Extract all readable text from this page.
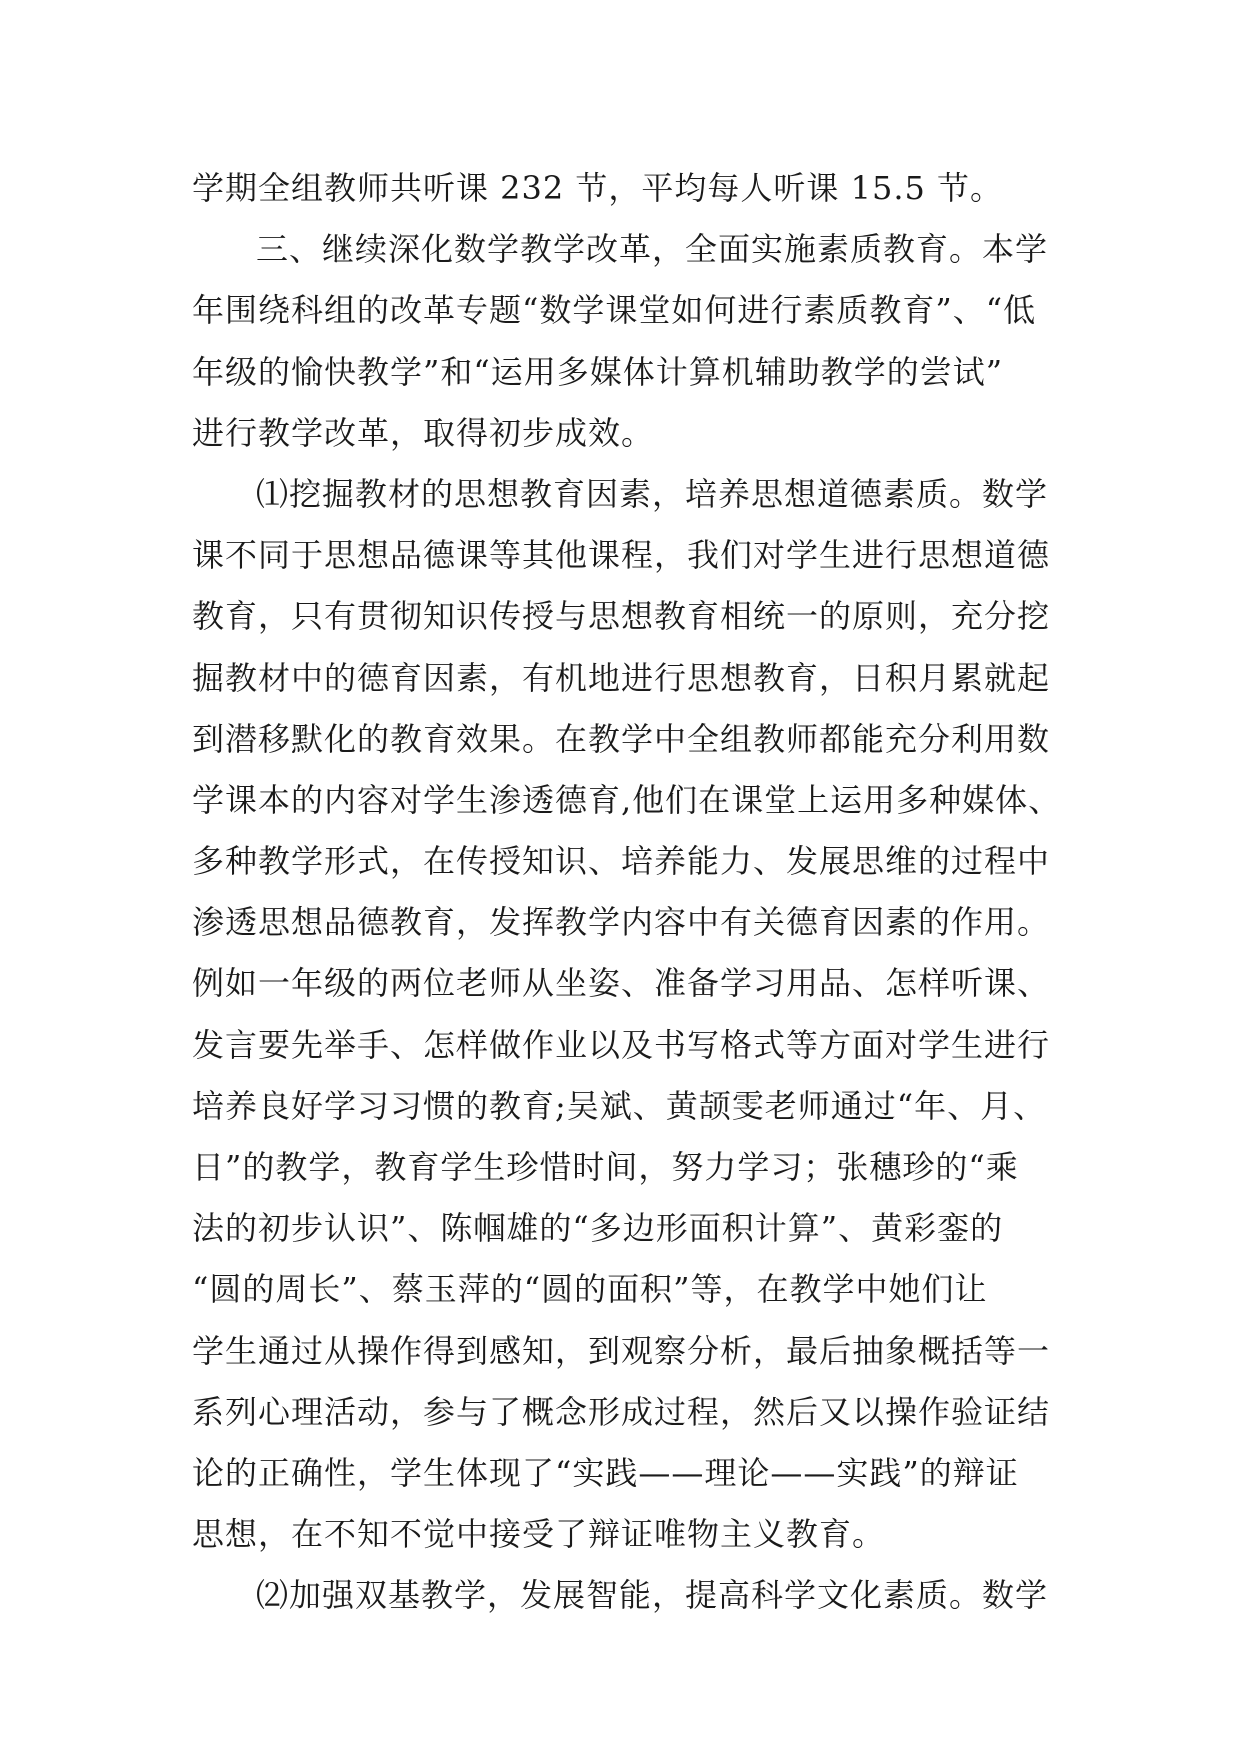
学期全组教师共听课 232 节，平均每人听课 15.5 节。
三、继续深化数学教学改革，全面实施素质教育。本学
年围绕科组的改革专题“数学课堂如何进行素质教育”、“低
年级的愉快教学”和“运用多媒体计算机辅助教学的尝试”
进行教学改革，取得初步成效。
⑴挖掘教材的思想教育因素，培养思想道德素质。数学
课不同于思想品德课等其他课程，我们对学生进行思想道德
教育，只有贯彻知识传授与思想教育相统一的原则，充分挖
掘教材中的德育因素，有机地进行思想教育，日积月累就起
到潜移默化的教育效果。在教学中全组教师都能充分利用数
学课本的内容对学生渗透德育,他们在课堂上运用多种媒体、
多种教学形式，在传授知识、培养能力、发展思维的过程中
渗透思想品德教育，发挥教学内容中有关德育因素的作用。
例如一年级的两位老师从坐姿、准备学习用品、怎样听课、
发言要先举手、怎样做作业以及书写格式等方面对学生进行
培养良好学习习惯的教育;吴斌、黄颉雯老师通过“年、月、
日”的教学，教育学生珍惜时间，努力学习；张穗珍的“乘
法的初步认识”、陈帼雄的“多边形面积计算”、黄彩銮的
“圆的周长”、蔡玉萍的“圆的面积”等，在教学中她们让
学生通过从操作得到感知，到观察分析，最后抽象概括等一
系列心理活动，参与了概念形成过程，然后又以操作验证结
论的正确性，学生体现了“实践——理论——实践”的辩证
思想，在不知不觉中接受了辩证唯物主义教育。
⑵加强双基教学，发展智能，提高科学文化素质。数学
